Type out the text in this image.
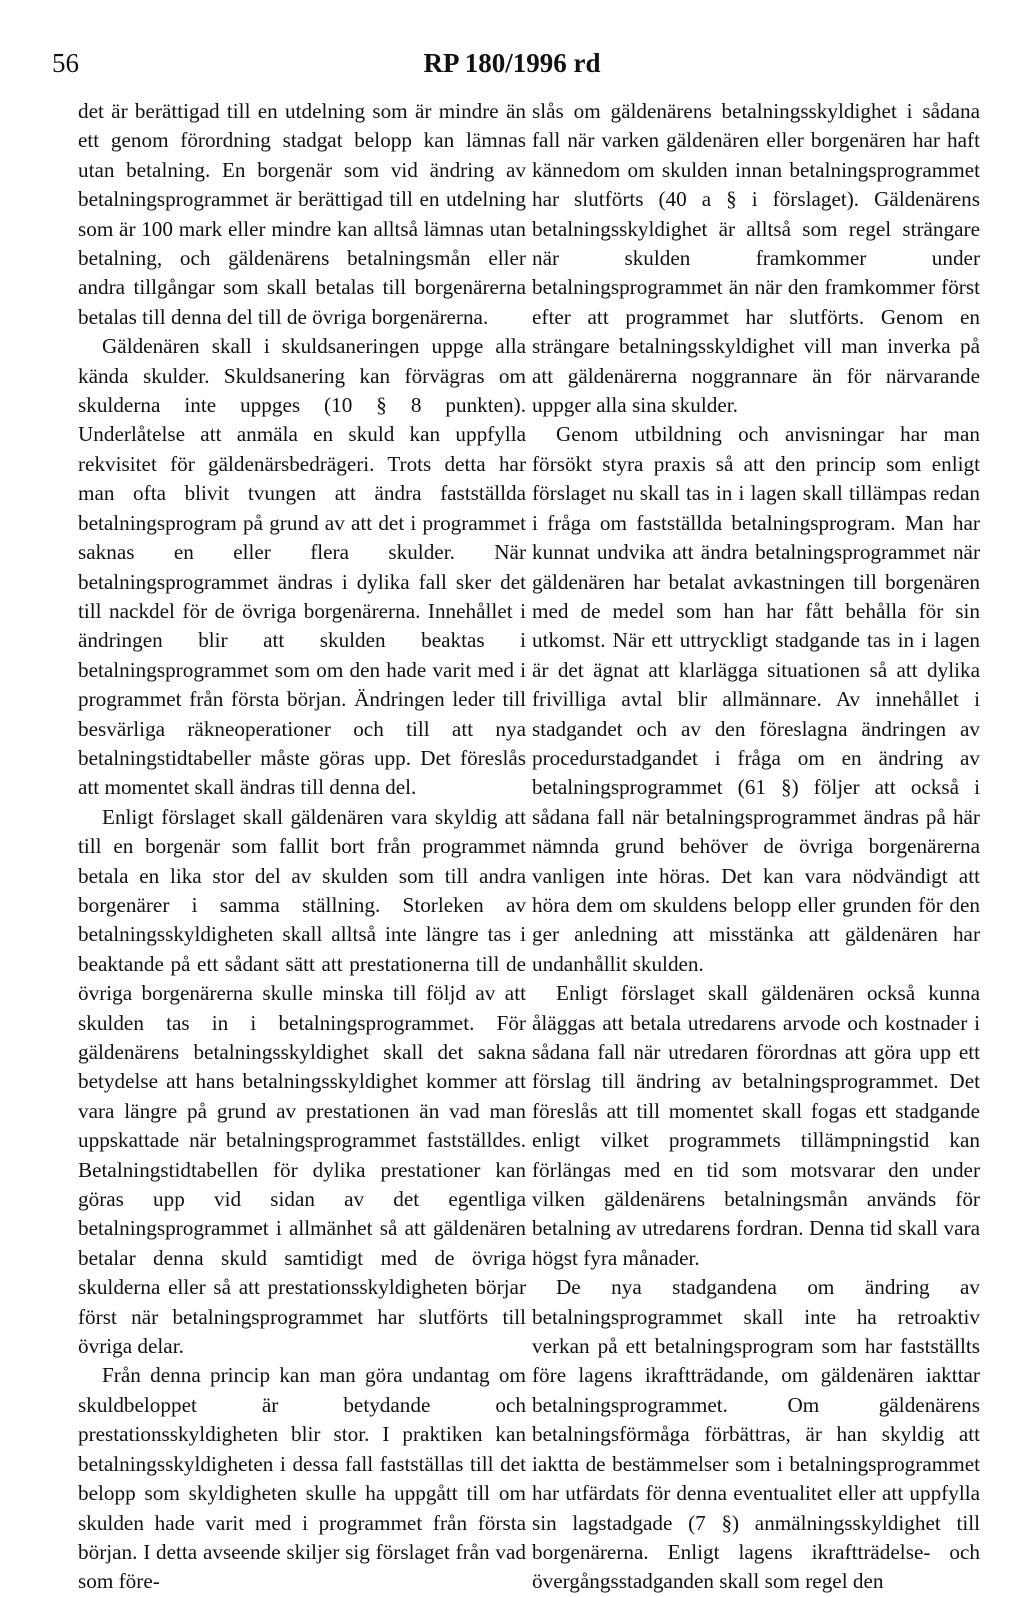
56	RP 180/1996 rd

det är berättigad till en utdelning som är mindre än ett genom förordning stadgat belopp kan lämnas utan betalning. En borgenär som vid ändring av betalningsprogrammet är berättigad till en utdelning som är 100 mark eller mindre kan alltså lämnas utan betalning, och gäldenärens betalningsmån eller andra tillgångar som skall betalas till borgenärerna betalas till denna del till de övriga borgenärerna.

Gäldenären skall i skuldsaneringen uppge alla kända skulder. Skuldsanering kan förvägras om skulderna inte uppges (10 § 8 punkten). Underlåtelse att anmäla en skuld kan uppfylla rekvisitet för gäldenärsbedrägeri. Trots detta har man ofta blivit tvungen att ändra fastställda betalningsprogram på grund av att det i programmet saknas en eller flera skulder. När betalningsprogrammet ändras i dylika fall sker det till nackdel för de övriga borgenärerna. Innehållet i ändringen blir att skulden beaktas i betalningsprogrammet som om den hade varit med i programmet från första början. Ändringen leder till besvärliga räkneoperationer och till att nya betalningstidtabeller måste göras upp. Det föreslås att momentet skall ändras till denna del.

Enligt förslaget skall gäldenären vara skyldig att till en borgenär som fallit bort från programmet betala en lika stor del av skulden som till andra borgenärer i samma ställning. Storleken av betalningsskyldigheten skall alltså inte längre tas i beaktande på ett sådant sätt att prestationerna till de övriga borgenärerna skulle minska till följd av att skulden tas in i betalningsprogrammet. För gäldenärens betalningsskyldighet skall det sakna betydelse att hans betalningsskyldighet kommer att vara längre på grund av prestationen än vad man uppskattade när betalningsprogrammet fastställdes. Betalningstidtabellen för dylika prestationer kan göras upp vid sidan av det egentliga betalningsprogrammet i allmänhet så att gäldenären betalar denna skuld samtidigt med de övriga skulderna eller så att prestationsskyldigheten börjar först när betalningsprogrammet har slutförts till övriga delar.

Från denna princip kan man göra undantag om skuldbeloppet är betydande och prestationsskyldigheten blir stor. I praktiken kan betalningsskyldigheten i dessa fall fastställas till det belopp som skyldigheten skulle ha uppgått till om skulden hade varit med i programmet från första början. I detta avseende skiljer sig förslaget från vad som före-

slås om gäldenärens betalningsskyldighet i sådana fall när varken gäldenären eller borgenären har haft kännedom om skulden innan betalningsprogrammet har slutförts (40 a § i förslaget). Gäldenärens betalningsskyldighet är alltså som regel strängare när skulden framkommer under betalningsprogrammet än när den framkommer först efter att programmet har slutförts. Genom en strängare betalningsskyldighet vill man inverka på att gäldenärerna noggrannare än för närvarande uppger alla sina skulder.

Genom utbildning och anvisningar har man försökt styra praxis så att den princip som enligt förslaget nu skall tas in i lagen skall tillämpas redan i fråga om fastställda betalningsprogram. Man har kunnat undvika att ändra betalningsprogrammet när gäldenären har betalat avkastningen till borgenären med de medel som han har fått behålla för sin utkomst. När ett uttryckligt stadgande tas in i lagen är det ägnat att klarlägga situationen så att dylika frivilliga avtal blir allmännare. Av innehållet i stadgandet och av den föreslagna ändringen av procedurstadgandet i fråga om en ändring av betalningsprogrammet (61 §) följer att också i sådana fall när betalningsprogrammet ändras på här nämnda grund behöver de övriga borgenärerna vanligen inte höras. Det kan vara nödvändigt att höra dem om skuldens belopp eller grunden för den ger anledning att misstänka att gäldenären har undanhållit skulden.

Enligt förslaget skall gäldenären också kunna åläggas att betala utredarens arvode och kostnader i sådana fall när utredaren förordnas att göra upp ett förslag till ändring av betalningsprogrammet. Det föreslås att till momentet skall fogas ett stadgande enligt vilket programmets tillämpningstid kan förlängas med en tid som motsvarar den under vilken gäldenärens betalningsmån används för betalning av utredarens fordran. Denna tid skall vara högst fyra månader.

De nya stadgandena om ändring av betalningsprogrammet skall inte ha retroaktiv verkan på ett betalningsprogram som har fastställts före lagens ikraftträdande, om gäldenären iakttar betalningsprogrammet. Om gäldenärens betalningsförmåga förbättras, är han skyldig att iaktta de bestämmelser som i betalningsprogrammet har utfärdats för denna eventualitet eller att uppfylla sin lagstadgade (7 §) anmälningsskyldighet till borgenärerna. Enligt lagens ikraftträdelse- och övergångsstadganden skall som regel den
